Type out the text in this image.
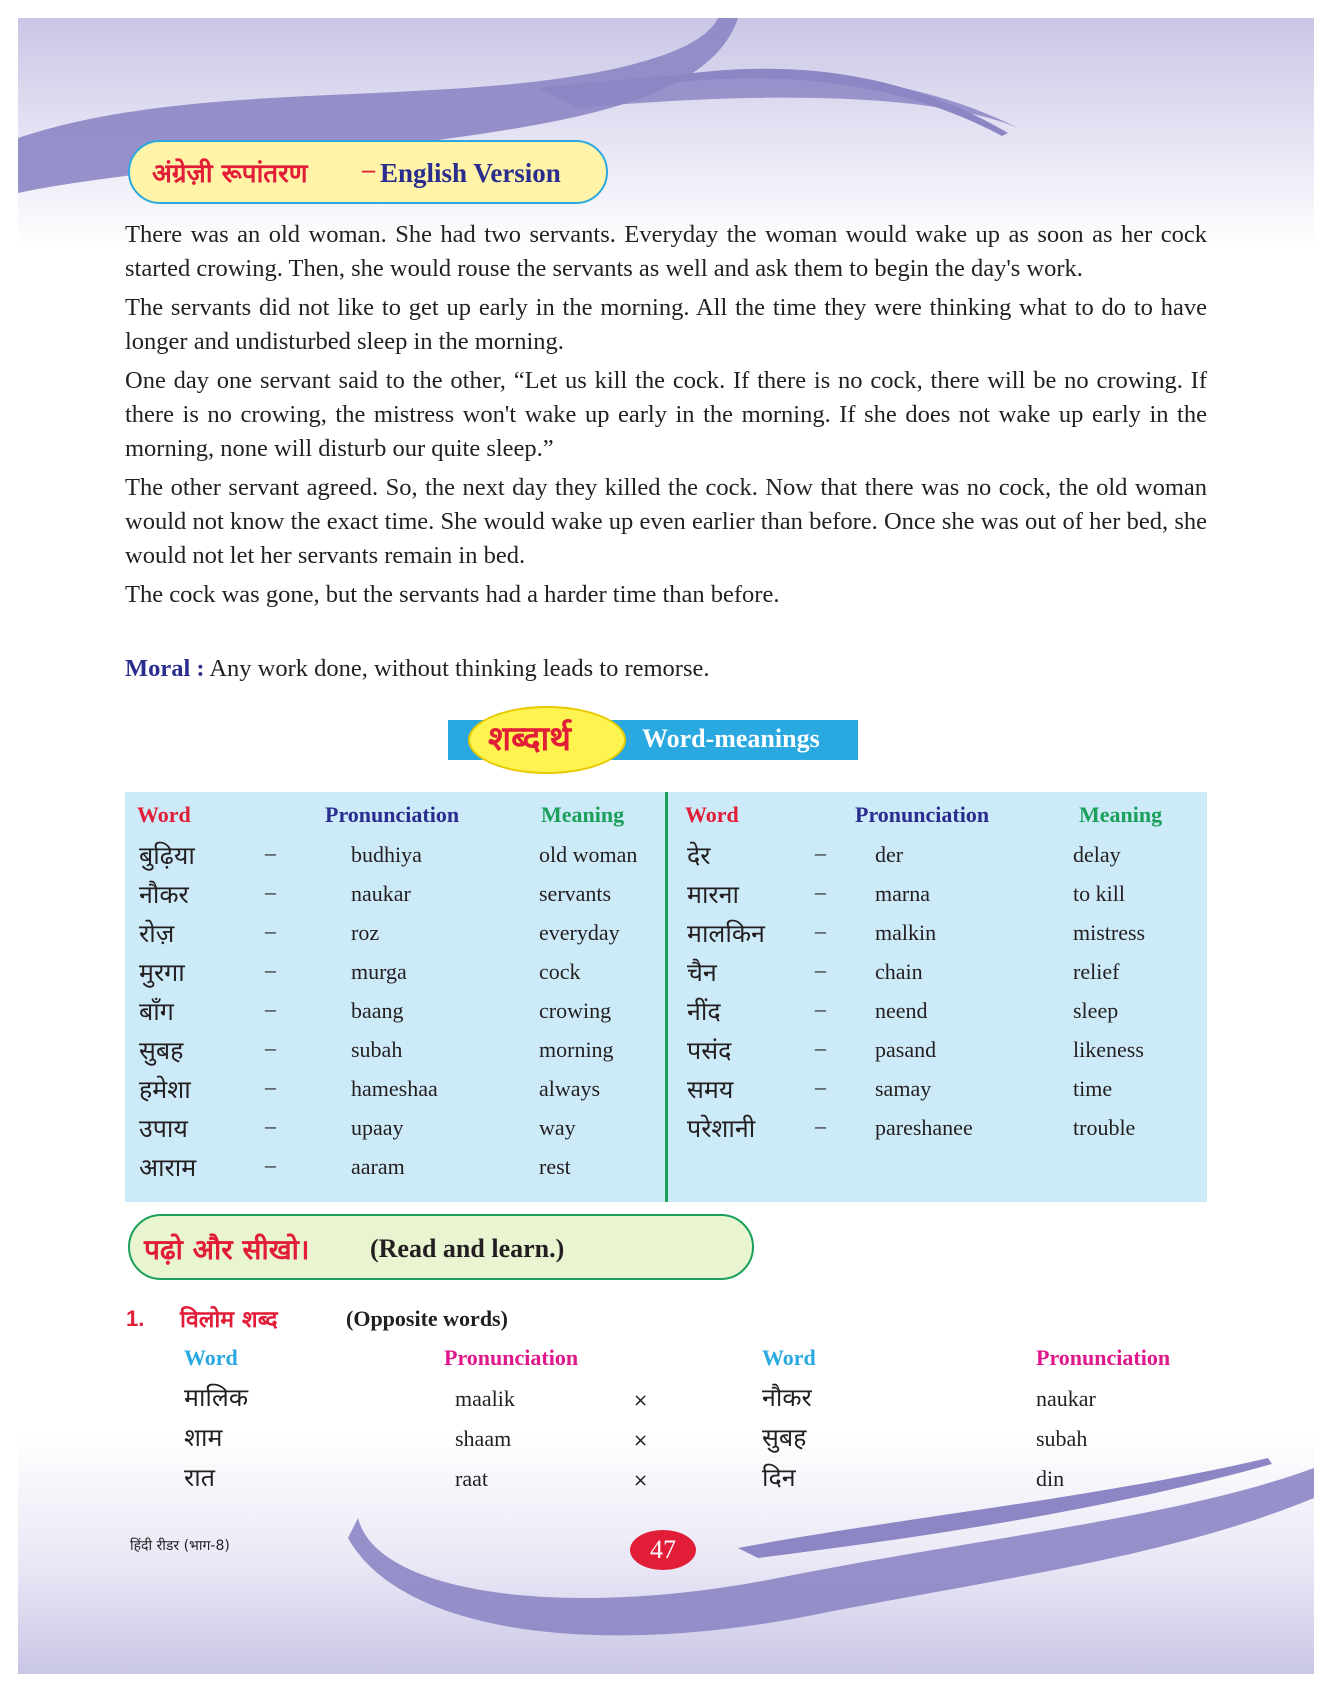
अंग्रेज़ी रूपांतरण – English Version

There was an old woman. She had two servants. Everyday the woman would wake up as soon as her cock started crowing. Then, she would rouse the servants as well and ask them to begin the day's work.

The servants did not like to get up early in the morning. All the time they were thinking what to do to have longer and undisturbed sleep in the morning.

One day one servant said to the other, “Let us kill the cock. If there is no cock, there will be no crowing. If there is no crowing, the mistress won't wake up early in the morning. If she does not wake up early in the morning, none will disturb our quite sleep.”

The other servant agreed. So, the next day they killed the cock. Now that there was no cock, the old woman would not know the exact time. She would wake up even earlier than before. Once she was out of her bed, she would not let her servants remain in bed.

The cock was gone, but the servants had a harder time than before.

Moral : Any work done, without thinking leads to remorse.
शब्दार्थ	Word-meanings
Word	Pronunciation	Meaning	Word	Pronunciation	Meaning
बुढ़िया	–	budhiya	old woman
नौकर	–	naukar	servants
रोज़	–	roz	everyday
मुरगा	–	murga	cock
बाँग	–	baang	crowing
सुबह	–	subah	morning
हमेशा	–	hameshaa	always
उपाय	–	upaay	way
आराम	–	aaram	rest
देर	– der	delay
मारना	– marna	to kill
मालकिन – malkin	mistress
चैन	– chain	relief
नींद	– neend	sleep
पसंद	– pasand	likeness
समय	– samay	time
परेशानी	– pareshanee	trouble
पढ़ो और सीखो। (Read and learn.)
1. विलोम शब्द	(Opposite words)
Word	Pronunciation	Word	Pronunciation
मालिक	maalik	×	नौकर	naukar
शाम	shaam	×	सुबह	subah
रात	raat	×	दिन	din
हिंदी रीडर (भाग-8)	47
